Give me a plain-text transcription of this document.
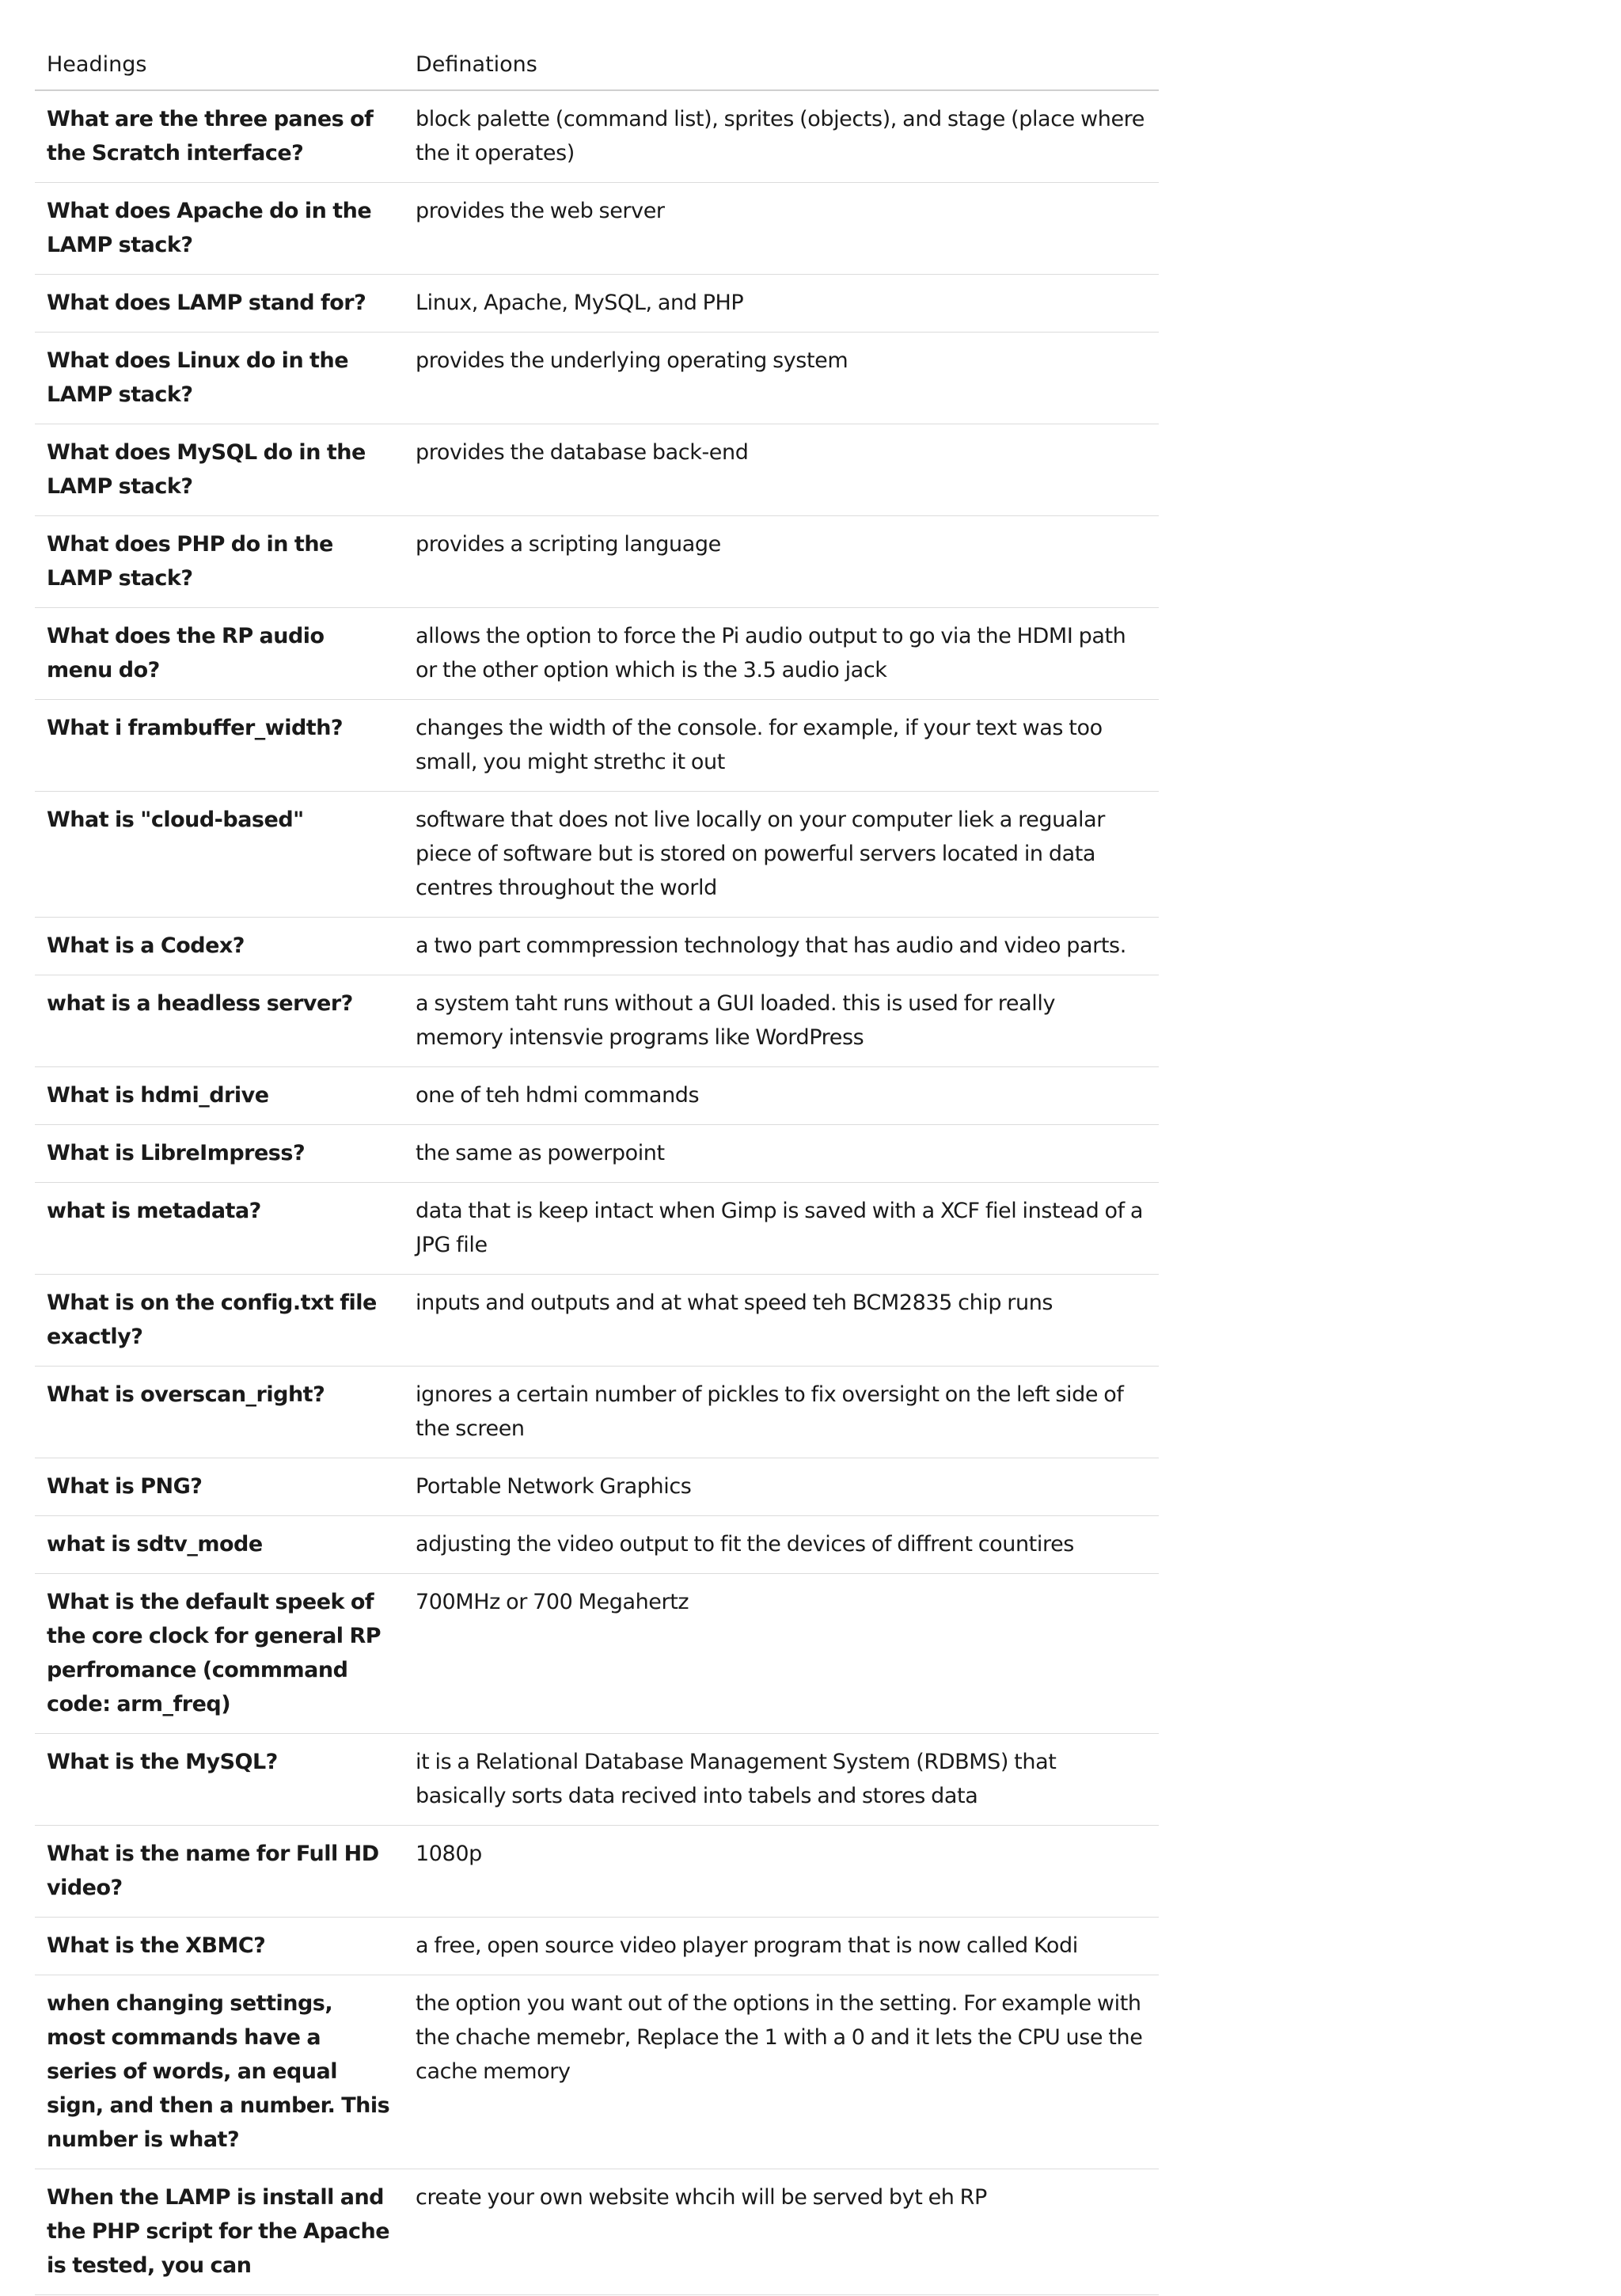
Headings	Definations
What are the three panes of the Scratch interface?	block palette (command list), sprites (objects), and stage (place where the it operates)
What does Apache do in the LAMP stack?	provides the web server
What does LAMP stand for?	Linux, Apache, MySQL, and PHP
What does Linux do in the LAMP stack?	provides the underlying operating system
What does MySQL do in the LAMP stack?	provides the database back-end
What does PHP do in the LAMP stack?	provides a scripting language
What does the RP audio menu do?	allows the option to force the Pi audio output to go via the HDMI path or the other option which is the 3.5 audio jack
What i frambuffer_width?	changes the width of the console. for example, if your text was too small, you might strethc it out
What is "cloud-based"	software that does not live locally on your computer liek a regualar piece of software but is stored on powerful servers located in data centres throughout the world
What is a Codex?	a two part commpression technology that has audio and video parts.
what is a headless server?	a system taht runs without a GUI loaded. this is used for really memory intensvie programs like WordPress
What is hdmi_drive	one of teh hdmi commands
What is LibreImpress?	the same as powerpoint
what is metadata?	data that is keep intact when Gimp is saved with a XCF fiel instead of a JPG file
What is on the config.txt file exactly?	inputs and outputs and at what speed teh BCM2835 chip runs
What is overscan_right?	ignores a certain number of pickles to fix oversight on the left side of the screen
What is PNG?	Portable Network Graphics
what is sdtv_mode	adjusting the video output to fit the devices of diffrent countires
What is the default speek of the core clock for general RP perfromance (commmand code: arm_freq)	700MHz or 700 Megahertz
What is the MySQL?	it is a Relational Database Management System (RDBMS) that basically sorts data recived into tabels and stores data
What is the name for Full HD video?	1080p
What is the XBMC?	a free, open source video player program that is now called Kodi
when changing settings, most commands have a series of words, an equal sign, and then a number. This number is what?	the option you want out of the options in the setting. For example with the chache memebr, Replace the 1 with a 0 and it lets the CPU use the cache memory
When the LAMP is install and the PHP script for the Apache is tested, you can	create your own website whcih will be served byt eh RP
